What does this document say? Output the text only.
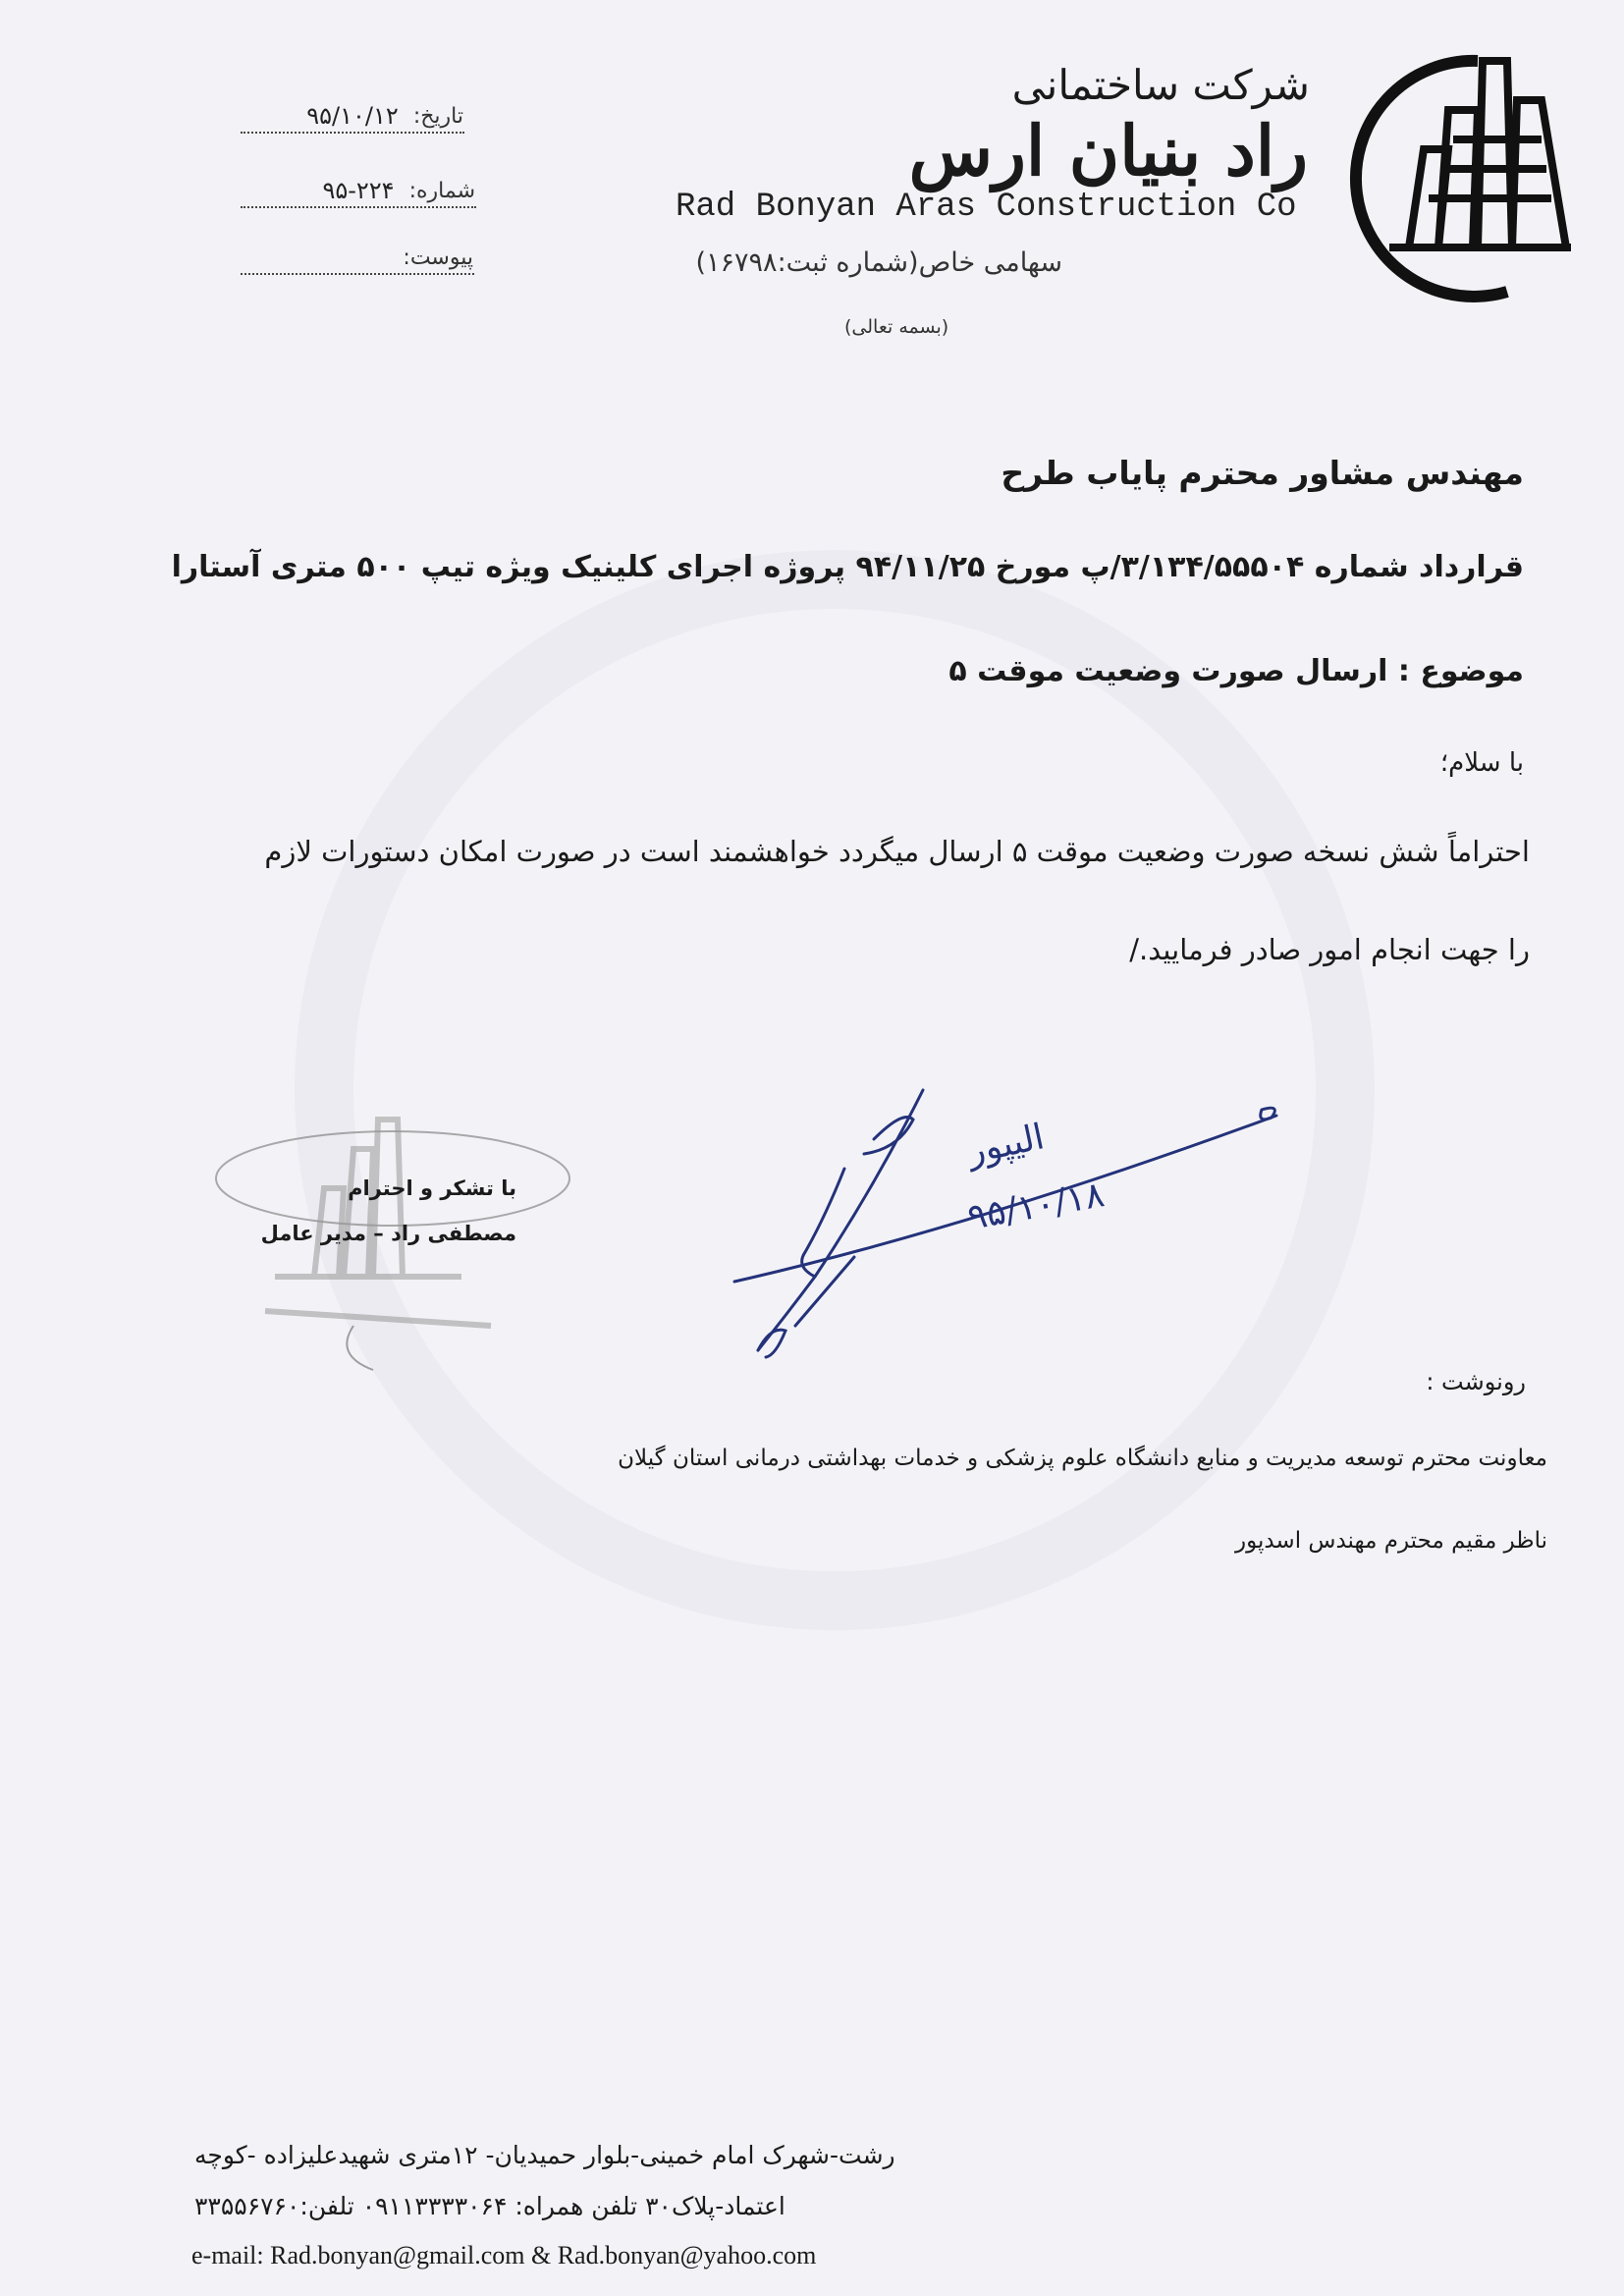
شرکت ساختمانی
راد بنیان ارس
Rad Bonyan Aras Construction Co
سهامی خاص(شماره ثبت:۱۶۷۹۸)
(بسمه تعالی)
تاریخ:
۹۵/۱۰/۱۲
شماره:
۹۵-۲۲۴
پیوست:
مهندس مشاور محترم پایاب طرح
قرارداد شماره ۳/۱۳۴/۵۵۵۰۴/پ مورخ ۹۴/۱۱/۲۵ پروژه اجرای کلینیک ویژه تیپ ۵۰۰ متری آستارا
موضوع : ارسال صورت وضعیت موقت ۵
با سلام؛
احتراماً شش نسخه صورت وضعیت موقت ۵ ارسال میگردد خواهشمند است در صورت امکان دستورات لازم
را جهت انجام امور صادر فرمایید./
با تشکر و احترام
مصطفی راد – مدیر عامل
الیپور
۹۵/۱۰/۱۸
رونوشت :
معاونت محترم توسعه مدیریت و منابع دانشگاه علوم پزشکی و خدمات بهداشتی درمانی استان گیلان
ناظر مقیم محترم مهندس اسدپور
رشت-شهرک امام خمینی-بلوار حمیدیان- ۱۲متری شهیدعلیزاده -کوچه
اعتماد-پلاک۳۰ تلفن همراه: ۰۹۱۱۳۳۳۳۰۶۴ تلفن:۳۳۵۵۶۷۶۰
e-mail: Rad.bonyan@gmail.com & Rad.bonyan@yahoo.com
